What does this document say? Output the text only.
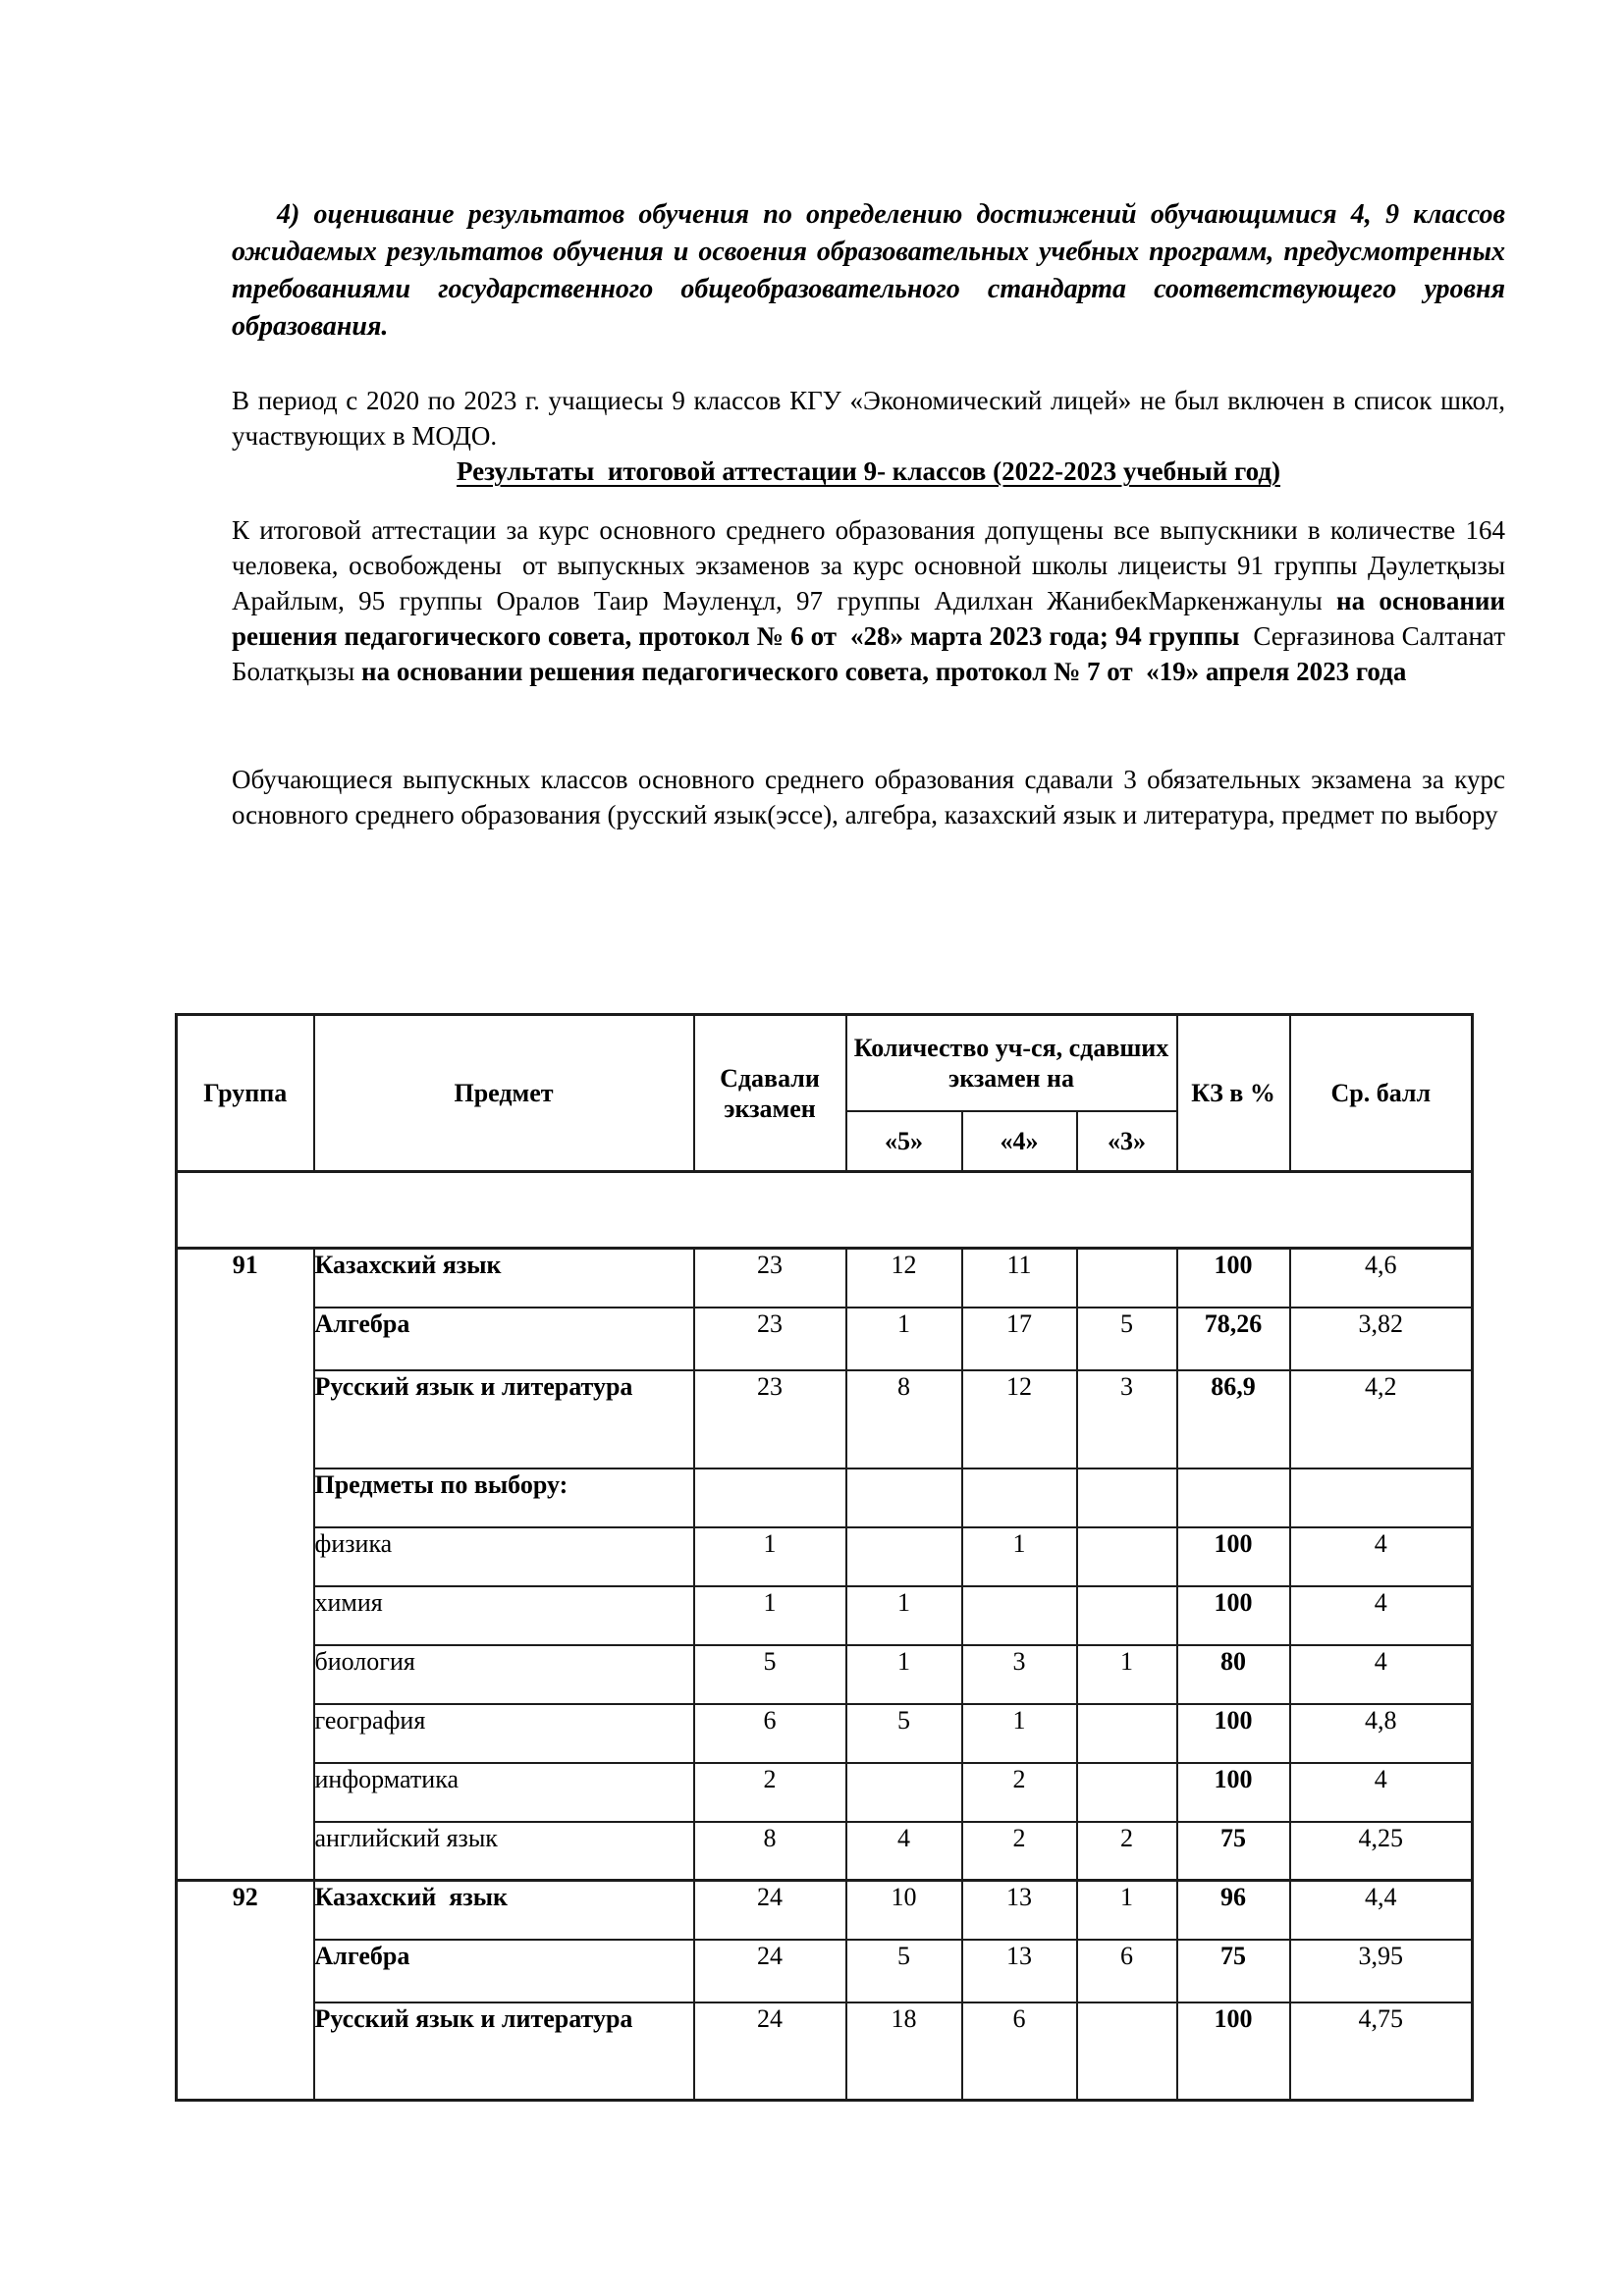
4) оценивание результатов обучения по определению достижений обучающимися 4, 9 классов ожидаемых результатов обучения и освоения образовательных учебных программ, предусмотренных требованиями государственного общеобразовательного стандарта соответствующего уровня образования.
В период с 2020 по 2023 г. учащиесы 9 классов КГУ «Экономический лицей» не был включен в список школ, участвующих в МОДО.
Результаты  итоговой аттестации 9- классов (2022-2023 учебный год)
К итоговой аттестации за курс основного среднего образования допущены все выпускники в количестве 164 человека, освобождены  от выпускных экзаменов за курс основной школы лицеисты 91 группы Дәулетқызы Арайлым, 95 группы Оралов Таир Мәуленұл, 97 группы Адилхан ЖанибекМаркенжанулы на основании решения педагогического совета, протокол № 6 от  «28» марта 2023 года; 94 группы  Серғазинова Салтанат Болатқызы на основании решения педагогического совета, протокол № 7 от  «19» апреля 2023 года
Обучающиеся выпускных классов основного среднего образования сдавали 3 обязательных экзамена за курс основного среднего образования (русский язык(эссе), алгебра, казахский язык и литература, предмет по выбору
Группа	Предмет	Сдавали экзамен	Количество уч-ся, сдавших экзамен на			КЗ в %	Ср. балл
			«5»	«4»	«3»		

91	Казахский язык	23	12	11		100	4,6
	Алгебра	23	1	17	5	78,26	3,82
	Русский язык и литература	23	8	12	3	86,9	4,2
	Предметы по выбору:						
	физика	1		1		100	4
	химия	1	1			100	4
	биология	5	1	3	1	80	4
	география	6	5	1		100	4,8
	информатика	2		2		100	4
	английский язык	8	4	2	2	75	4,25
92	Казахский  язык	24	10	13	1	96	4,4
	Алгебра	24	5	13	6	75	3,95
	Русский язык и литература	24	18	6		100	4,75
